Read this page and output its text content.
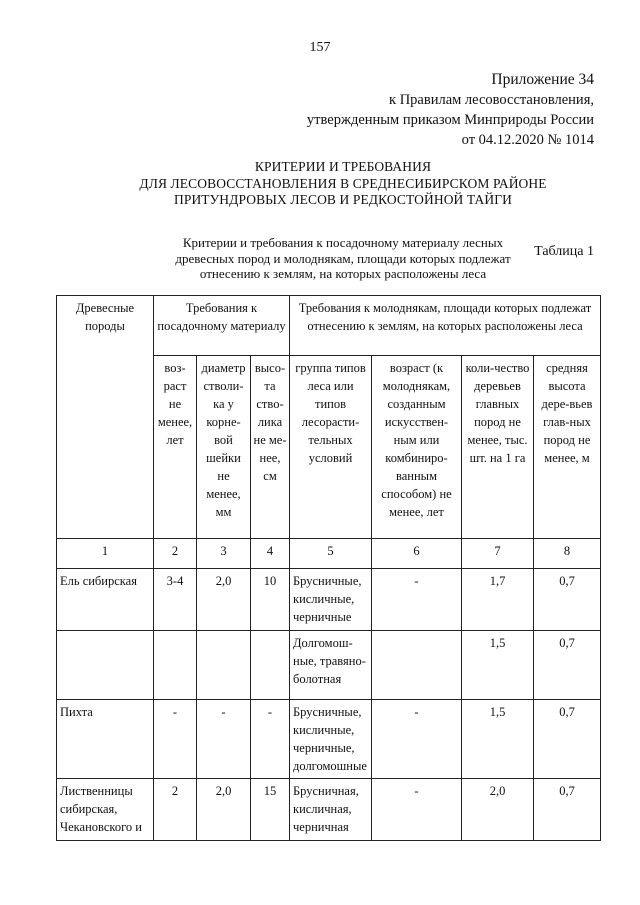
157
Приложение 34
к Правилам лесовосстановления,
утвержденным приказом Минприроды России
от 04.12.2020 № 1014
КРИТЕРИИ И ТРЕБОВАНИЯ
ДЛЯ ЛЕСОВОССТАНОВЛЕНИЯ В СРЕДНЕСИБИРСКОМ РАЙОНЕ
ПРИТУНДРОВЫХ ЛЕСОВ И РЕДКОСТОЙНОЙ ТАЙГИ
Таблица 1
Критерии и требования к посадочному материалу лесных
древесных пород и молоднякам, площади которых подлежат
отнесению к землям, на которых расположены леса
Древесные породы	Требования к посадочному материалу			Требования к молоднякам, площади которых подлежат отнесению к землям, на которых расположены леса			

	воз-раст не менее, лет	диаметр стволи-ка у корне-вой шейки не менее, мм	высо-та ство-лика не ме-нее, см	группа типов леса или типов лесорасти-тельных условий	возраст (к молоднякам, созданным искусствен-ным или комбиниро-ванным способом) не менее, лет	коли-чество деревьев главных пород не менее, тыс. шт. на 1 га	средняя высота дере-вьев глав-ных пород не менее, м

1	2	3	4	5	6	7	8

Ель сибирская	3-4	2,0	10	Брусничные, кисличные, черничные	-	1,7	0,7

				Долгомош-ные, травяно-болотная		1,5	0,7

Пихта	-	-	-	Брусничные, кисличные, черничные, долгомошные	-	1,5	0,7

Лиственницы сибирская, Чекановского и	2	2,0	15	Брусничная, кисличная, черничная	-	2,0	0,7
